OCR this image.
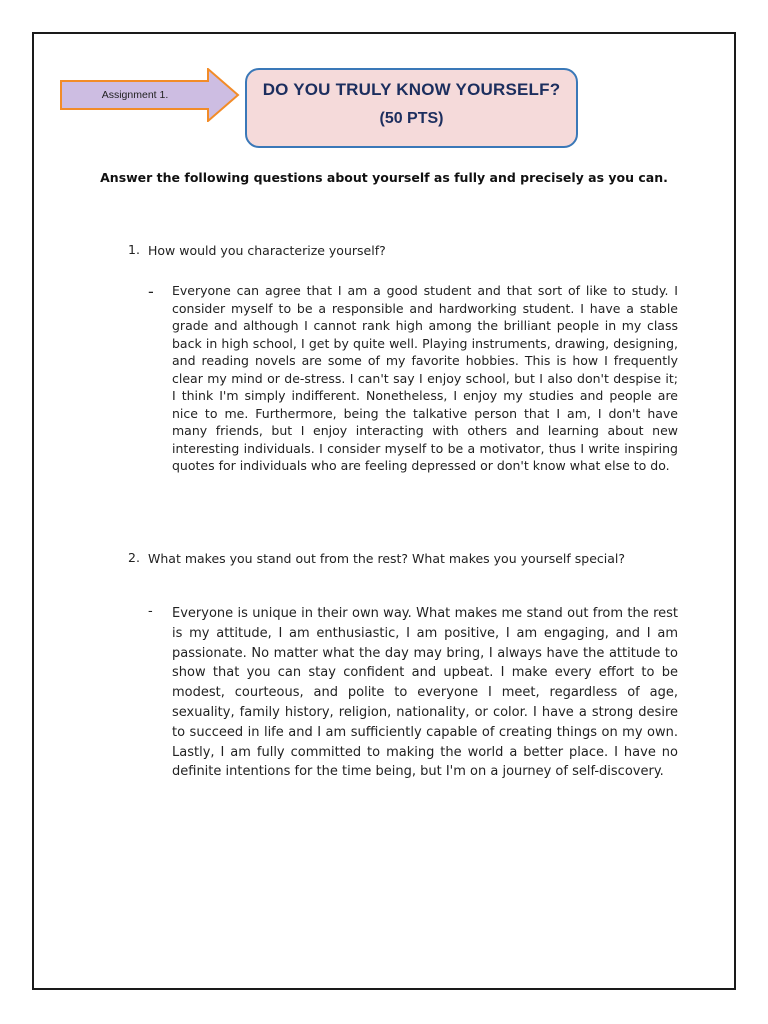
Assignment 1.	DO YOU TRULY KNOW YOURSELF?
(50 PTS)
Answer the following questions about yourself as fully and precisely as you can.
1. How would you characterize yourself?
- Everyone can agree that I am a good student and that sort of like to study. I consider myself to be a responsible and hardworking student. I have a stable grade and although I cannot rank high among the brilliant people in my class back in high school, I get by quite well. Playing instruments, drawing, designing, and reading novels are some of my favorite hobbies. This is how I frequently clear my mind or de-stress. I can't say I enjoy school, but I also don't despise it; I think I'm simply indifferent. Nonetheless, I enjoy my studies and people are nice to me. Furthermore, being the talkative person that I am, I don't have many friends, but I enjoy interacting with others and learning about new interesting individuals. I consider myself to be a motivator, thus I write inspiring quotes for individuals who are feeling depressed or don't know what else to do.
2. What makes you stand out from the rest? What makes you yourself special?
- Everyone is unique in their own way. What makes me stand out from the rest is my attitude, I am enthusiastic, I am positive, I am engaging, and I am passionate. No matter what the day may bring, I always have the attitude to show that you can stay confident and upbeat. I make every effort to be modest, courteous, and polite to everyone I meet, regardless of age, sexuality, family history, religion, nationality, or color. I have a strong desire to succeed in life and I am sufficiently capable of creating things on my own. Lastly, I am fully committed to making the world a better place. I have no definite intentions for the time being, but I'm on a journey of self-discovery.
